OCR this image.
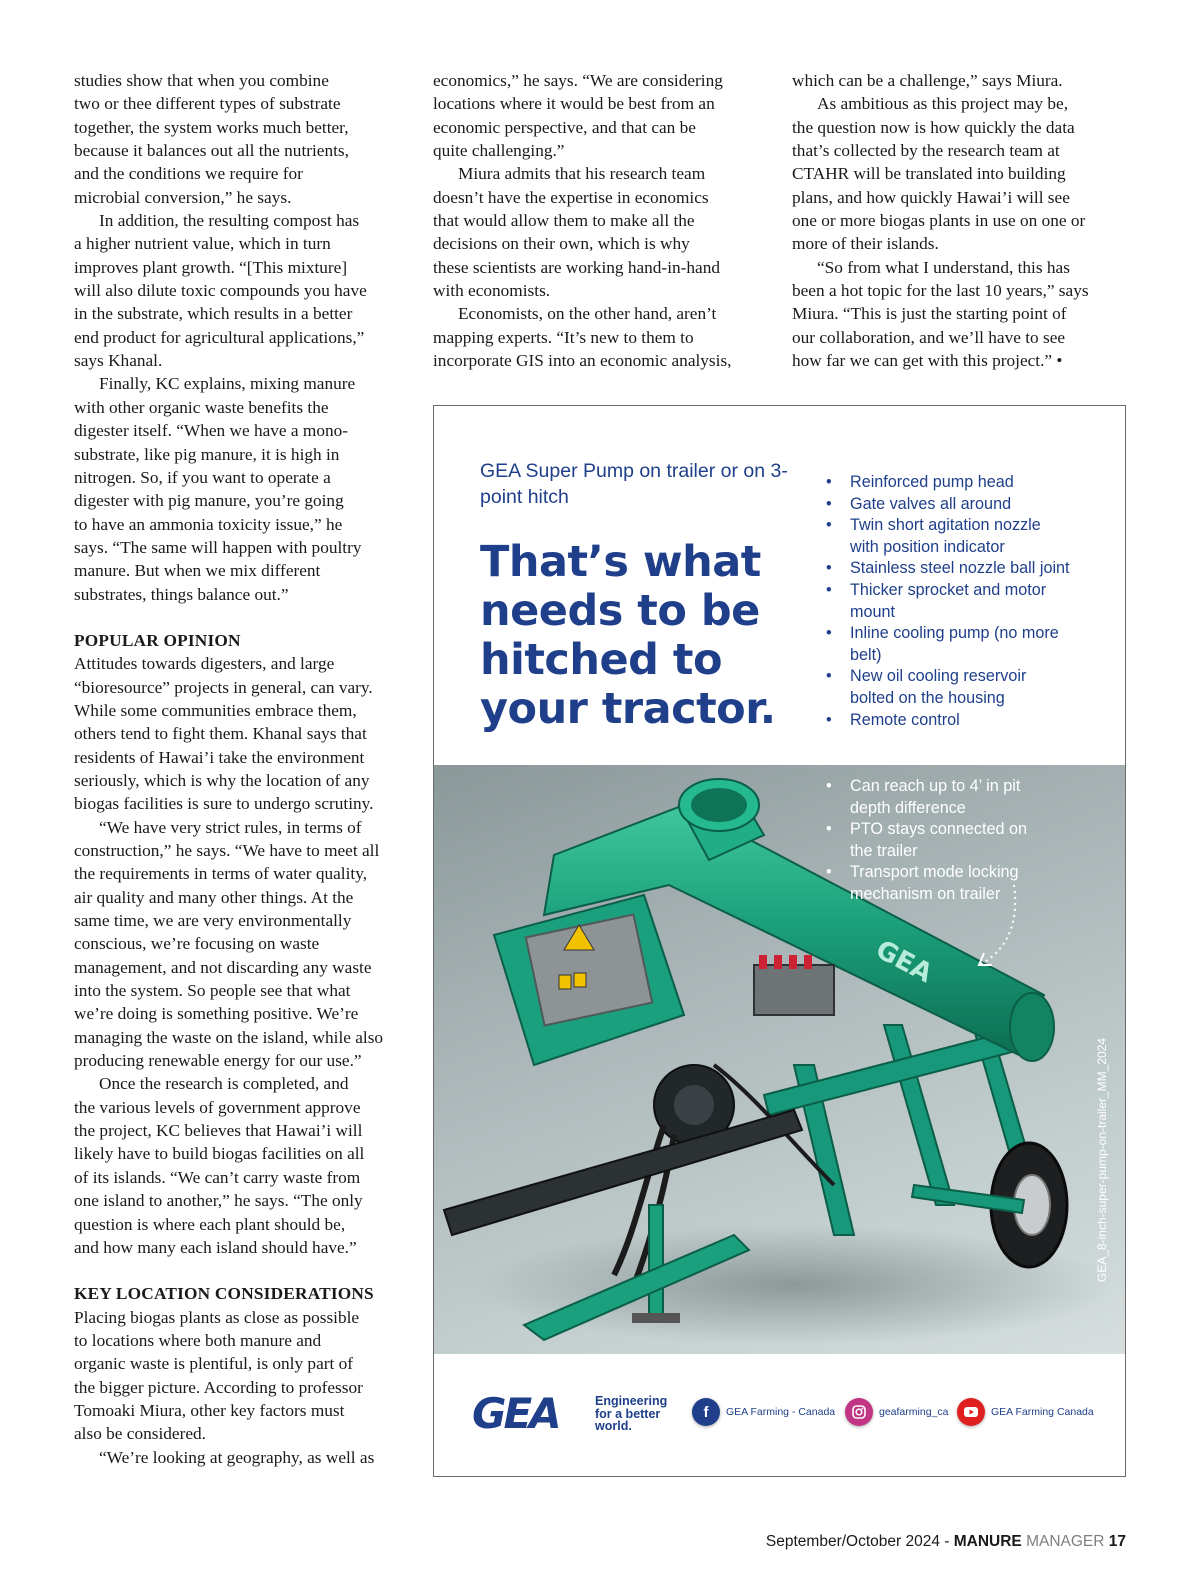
studies show that when you combine
two or thee different types of substrate
together, the system works much better,
because it balances out all the nutrients,
and the conditions we require for
microbial conversion,” he says.

In addition, the resulting compost has
a higher nutrient value, which in turn
improves plant growth. “[This mixture]
will also dilute toxic compounds you have
in the substrate, which results in a better
end product for agricultural applications,”
says Khanal.

Finally, KC explains, mixing manure
with other organic waste benefits the
digester itself. “When we have a mono-
substrate, like pig manure, it is high in
nitrogen. So, if you want to operate a
digester with pig manure, you’re going
to have an ammonia toxicity issue,” he
says. “The same will happen with poultry
manure. But when we mix different
substrates, things balance out.”

POPULAR OPINION

Attitudes towards digesters, and large
“bioresource” projects in general, can vary.
While some communities embrace them,
others tend to fight them. Khanal says that
residents of Hawai’i take the environment
seriously, which is why the location of any
biogas facilities is sure to undergo scrutiny.

“We have very strict rules, in terms of
construction,” he says. “We have to meet all
the requirements in terms of water quality,
air quality and many other things. At the
same time, we are very environmentally
conscious, we’re focusing on waste
management, and not discarding any waste
into the system. So people see that what
we’re doing is something positive. We’re
managing the waste on the island, while also
producing renewable energy for our use.”

Once the research is completed, and
the various levels of government approve
the project, KC believes that Hawai’i will
likely have to build biogas facilities on all
of its islands. “We can’t carry waste from
one island to another,” he says. “The only
question is where each plant should be,
and how many each island should have.”

KEY LOCATION CONSIDERATIONS

Placing biogas plants as close as possible
to locations where both manure and
organic waste is plentiful, is only part of
the bigger picture. According to professor
Tomoaki Miura, other key factors must
also be considered.

“We’re looking at geography, as well as

economics,” he says. “We are considering
locations where it would be best from an
economic perspective, and that can be
quite challenging.”

Miura admits that his research team
doesn’t have the expertise in economics
that would allow them to make all the
decisions on their own, which is why
these scientists are working hand-in-hand
with economists.

Economists, on the other hand, aren’t
mapping experts. “It’s new to them to
incorporate GIS into an economic analysis,

which can be a challenge,” says Miura.

As ambitious as this project may be,
the question now is how quickly the data
that’s collected by the research team at
CTAHR will be translated into building
plans, and how quickly Hawai’i will see
one or more biogas plants in use on one or
more of their islands.

“So from what I understand, this has
been a hot topic for the last 10 years,” says
Miura. “This is just the starting point of
our collaboration, and we’ll have to see
how far we can get with this project.” •

GEA Super Pump on trailer or on 3-point hitch
That’s what needs to be hitched to your tractor.
• Reinforced pump head
• Gate valves all around
• Twin short agitation nozzle
with position indicator
• Stainless steel nozzle ball joint
• Thicker sprocket and motor
mount
• Inline cooling pump (no more
belt)
• New oil cooling reservoir
bolted on the housing
• Remote control
GEA
• Can reach up to 4’ in pit
depth difference
• PTO stays connected on
the trailer
• Transport mode locking
mechanism on trailer
GEA_8-inch-super-pump-on-trailer_MM_2024
GEA	Engineering
for a better
world.
f	GEA Farming - Canada	geafarming_ca	GEA Farming Canada
September/October 2024 - MANURE MANAGER 17
